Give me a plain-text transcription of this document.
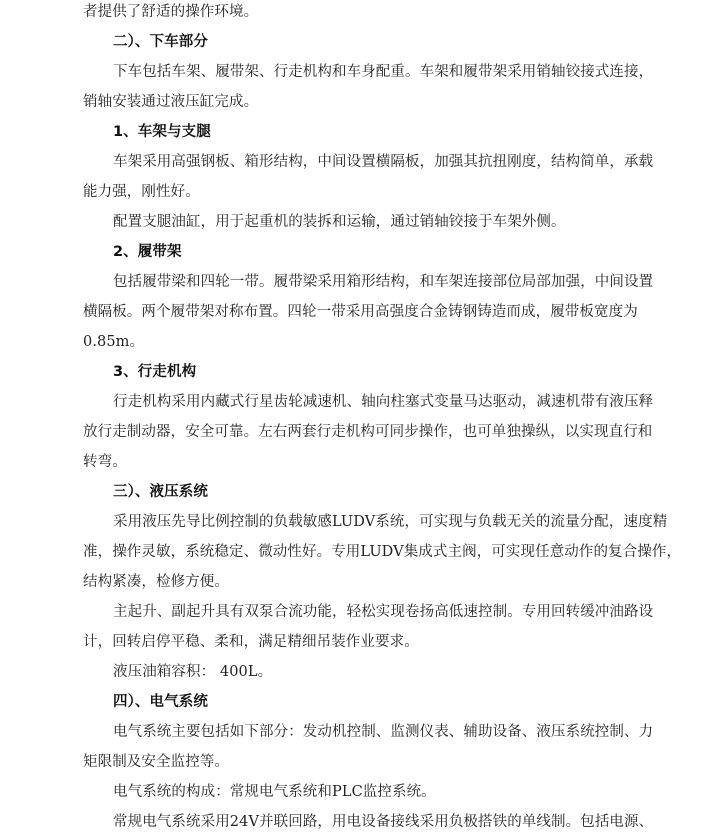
者提供了舒适的操作环境。
二）、下车部分
下车包括车架、履带架、行走机构和车身配重。车架和履带架采用销轴铰接式连接，
销轴安装通过液压缸完成。
1、车架与支腿
车架采用高强钢板、箱形结构，中间设置横隔板，加强其抗扭刚度，结构简单，承载
能力强，刚性好。
配置支腿油缸，用于起重机的装拆和运输，通过销轴铰接于车架外侧。
2、履带架
包括履带梁和四轮一带。履带梁采用箱形结构，和车架连接部位局部加强，中间设置
横隔板。两个履带架对称布置。四轮一带采用高强度合金铸钢铸造而成，履带板宽度为
0.85m。
3、行走机构
行走机构采用内藏式行星齿轮减速机、轴向柱塞式变量马达驱动，减速机带有液压释
放行走制动器，安全可靠。左右两套行走机构可同步操作，也可单独操纵，以实现直行和
转弯。
三）、液压系统
采用液压先导比例控制的负载敏感LUDV系统，可实现与负载无关的流量分配，速度精
准，操作灵敏，系统稳定、微动性好。专用LUDV集成式主阀，可实现任意动作的复合操作，
结构紧凑，检修方便。
主起升、副起升具有双泵合流功能，轻松实现卷扬高低速控制。专用回转缓冲油路设
计，回转启停平稳、柔和，满足精细吊装作业要求。
液压油箱容积： 400L。
四）、电气系统
电气系统主要包括如下部分：发动机控制、监测仪表、辅助设备、液压系统控制、力
矩限制及安全监控等。
电气系统的构成：常规电气系统和PLC监控系统。
常规电气系统采用24V并联回路，用电设备接线采用负极搭铁的单线制。包括电源、
